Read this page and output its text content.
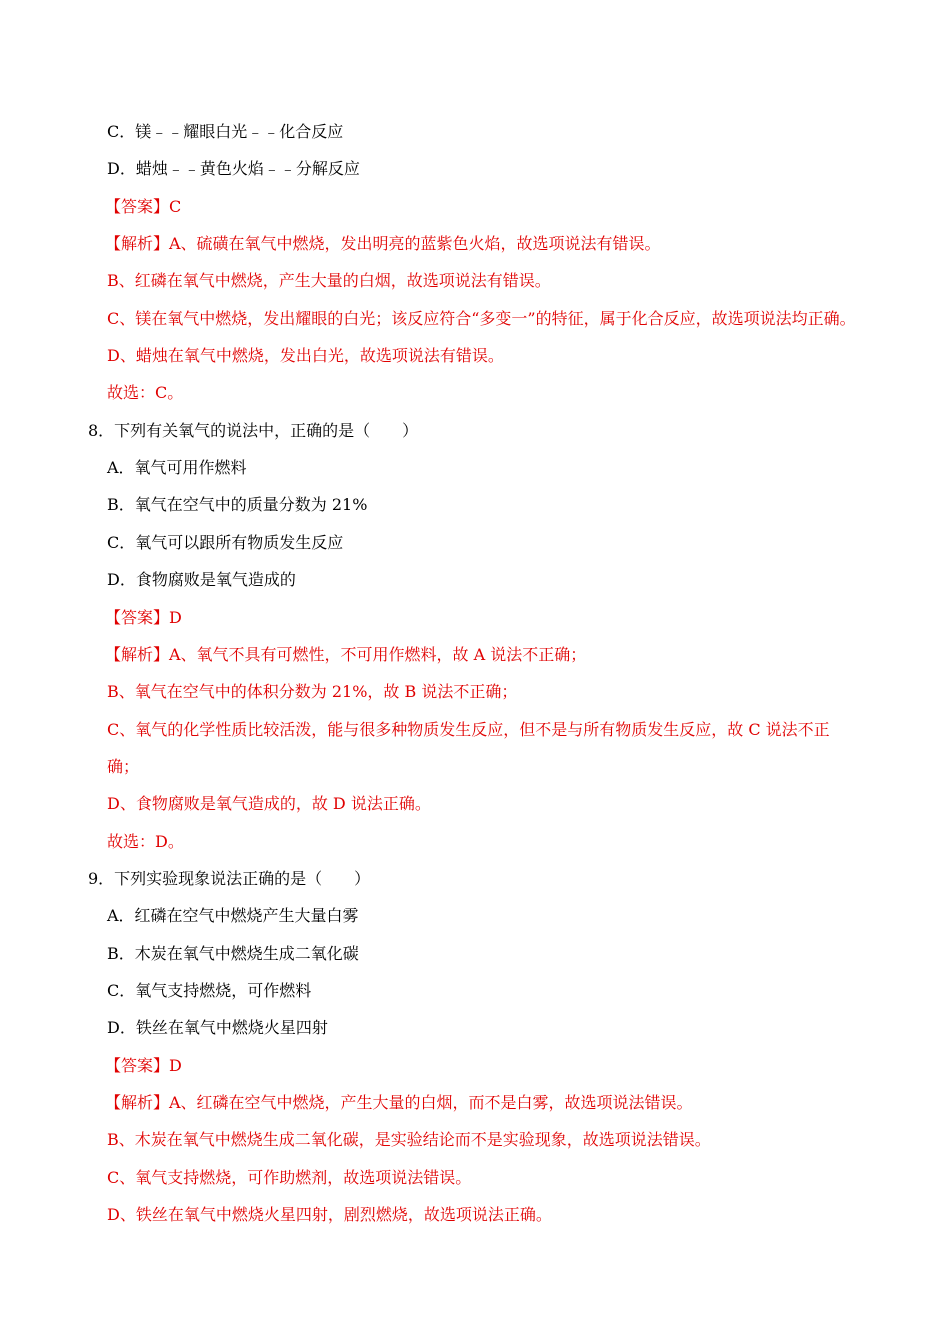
C．镁﹣﹣耀眼白光﹣﹣化合反应
D．蜡烛﹣﹣黄色火焰﹣﹣分解反应
【答案】C
【解析】A、硫磺在氧气中燃烧，发出明亮的蓝紫色火焰，故选项说法有错误。
B、红磷在氧气中燃烧，产生大量的白烟，故选项说法有错误。
C、镁在氧气中燃烧，发出耀眼的白光；该反应符合“多变一”的特征，属于化合反应，故选项说法均正确。
D、蜡烛在氧气中燃烧，发出白光，故选项说法有错误。
故选：C。
8．下列有关氧气的说法中，正确的是（　　）
A．氧气可用作燃料
B．氧气在空气中的质量分数为 21%
C．氧气可以跟所有物质发生反应
D．食物腐败是氧气造成的
【答案】D
【解析】A、氧气不具有可燃性，不可用作燃料，故 A 说法不正确；
B、氧气在空气中的体积分数为 21%，故 B 说法不正确；
C、氧气的化学性质比较活泼，能与很多种物质发生反应，但不是与所有物质发生反应，故 C 说法不正
确；
D、食物腐败是氧气造成的，故 D 说法正确。
故选：D。
9．下列实验现象说法正确的是（　　）
A．红磷在空气中燃烧产生大量白雾
B．木炭在氧气中燃烧生成二氧化碳
C．氧气支持燃烧，可作燃料
D．铁丝在氧气中燃烧火星四射
【答案】D
【解析】A、红磷在空气中燃烧，产生大量的白烟，而不是白雾，故选项说法错误。
B、木炭在氧气中燃烧生成二氧化碳，是实验结论而不是实验现象，故选项说法错误。
C、氧气支持燃烧，可作助燃剂，故选项说法错误。
D、铁丝在氧气中燃烧火星四射，剧烈燃烧，故选项说法正确。
